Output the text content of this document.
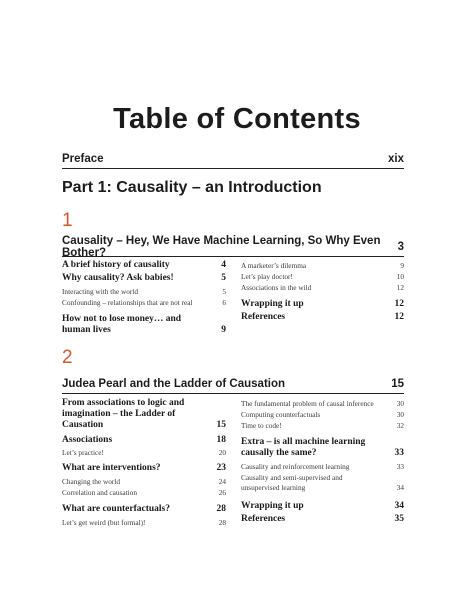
Table of Contents
Preface	xix
Part 1: Causality – an Introduction
1
Causality – Hey, We Have Machine Learning, So Why Even Bother?	3
A brief history of causality	4
Why causality? Ask babies!	5
Interacting with the world	5
Confounding – relationships that are not real	6
How not to lose money… and human lives	9
A marketer’s dilemma	9
Let’s play doctor!	10
Associations in the wild	12
Wrapping it up	12
References	12
2
Judea Pearl and the Ladder of Causation	15
From associations to logic and imagination – the Ladder of Causation	15
Associations	18
Let’s practice!	20
What are interventions?	23
Changing the world	24
Correlation and causation	26
What are counterfactuals?	28
Let’s get weird (but formal)!	28
The fundamental problem of causal inference	30
Computing counterfactuals	30
Time to code!	32
Extra – is all machine learning causally the same?	33
Causality and reinforcement learning	33
Causality and semi-supervised and unsupervised learning	34
Wrapping it up	34
References	35
